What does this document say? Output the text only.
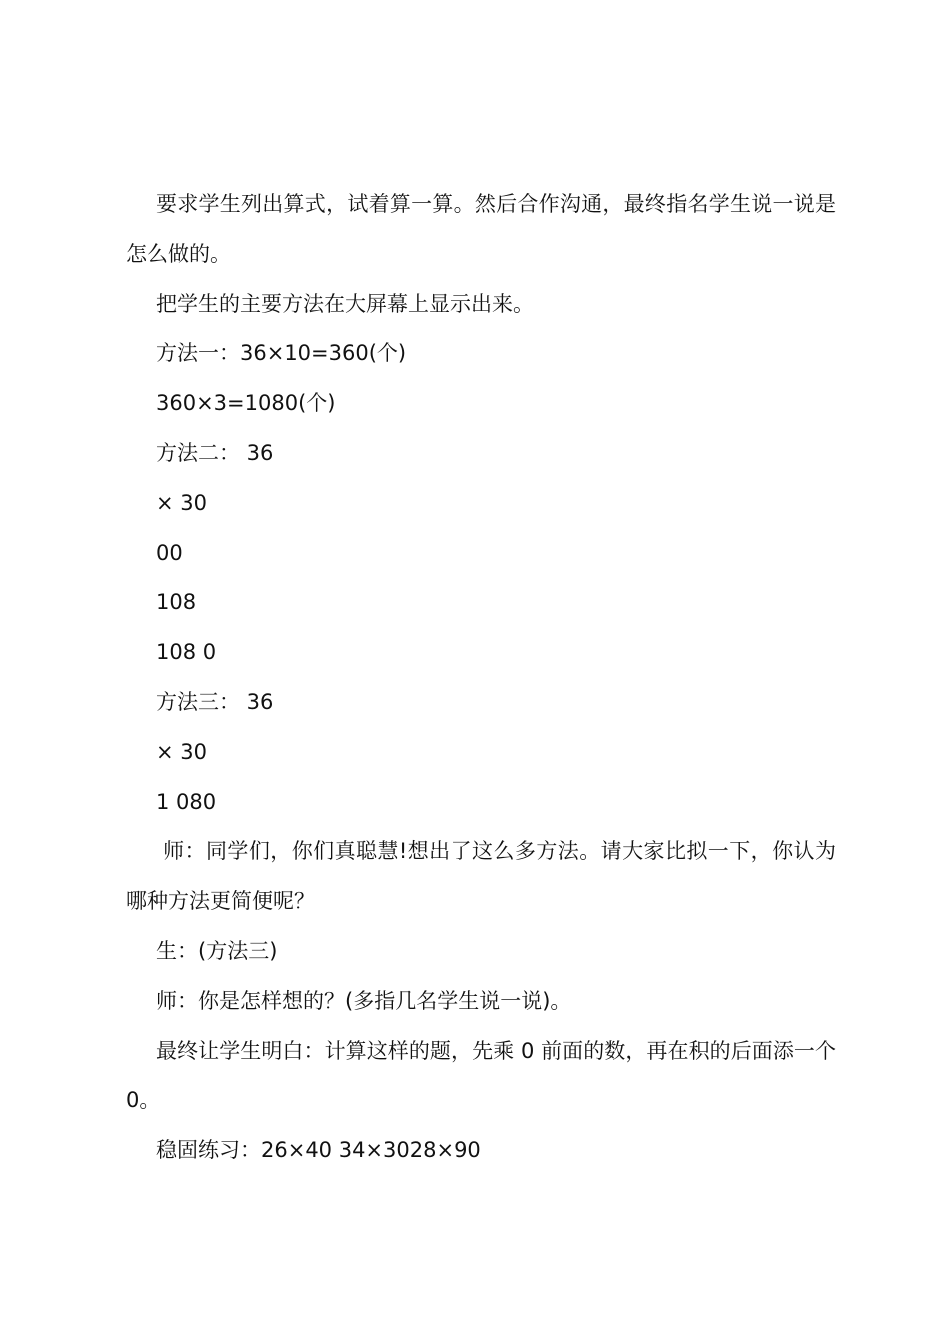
要求学生列出算式，试着算一算。然后合作沟通，最终指名学生说一说是怎么做的。

把学生的主要方法在大屏幕上显示出来。

方法一：36×10=360(个)

360×3=1080(个)

方法二： 36

× 30

00

108

108 0

方法三： 36

× 30

1 080

师：同学们，你们真聪慧!想出了这么多方法。请大家比拟一下，你认为哪种方法更简便呢？

生：(方法三)

师：你是怎样想的？(多指几名学生说一说)。

最终让学生明白：计算这样的题，先乘 0 前面的数，再在积的后面添一个 0。

稳固练习：26×40 34×3028×90
